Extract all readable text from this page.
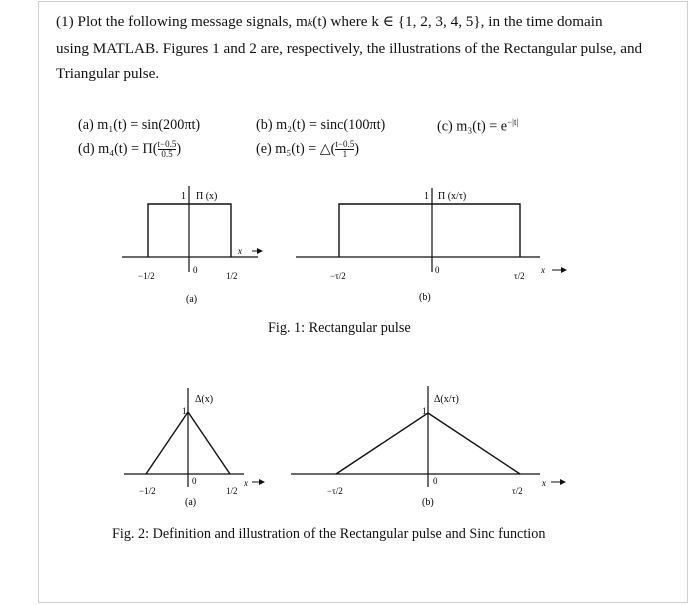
(1) Plot the following message signals, mk(t) where k ∈ {1, 2, 3, 4, 5}, in the time domain

using MATLAB. Figures 1 and 2 are, respectively, the illustrations of the Rectangular pulse, and

Triangular pulse.

(a) m₁(t) = sin(200πt)	(b) m₂(t) = sinc(100πt)	(c) $m_3(t) = e^{-|t|}$
(d) $m_4(t) = \Pi( \frac{t-0.5}{0.5}$ )	(e) m₅(t) = △( $\frac{t-0.5}{1}$ )
1 Π (x)
−1/2
0
1/2
x
(a)
1 Π (x/τ)
−τ/2
0
τ/2
x
(b)
1
Δ(x)
−1/2
0
1/2
x
(a)
1
Δ(x/τ)
−τ/2
0
τ/2
x
(b)
Fig. 1: Rectangular pulse
Fig. 2: Definition and illustration of the Rectangular pulse and Sinc function
